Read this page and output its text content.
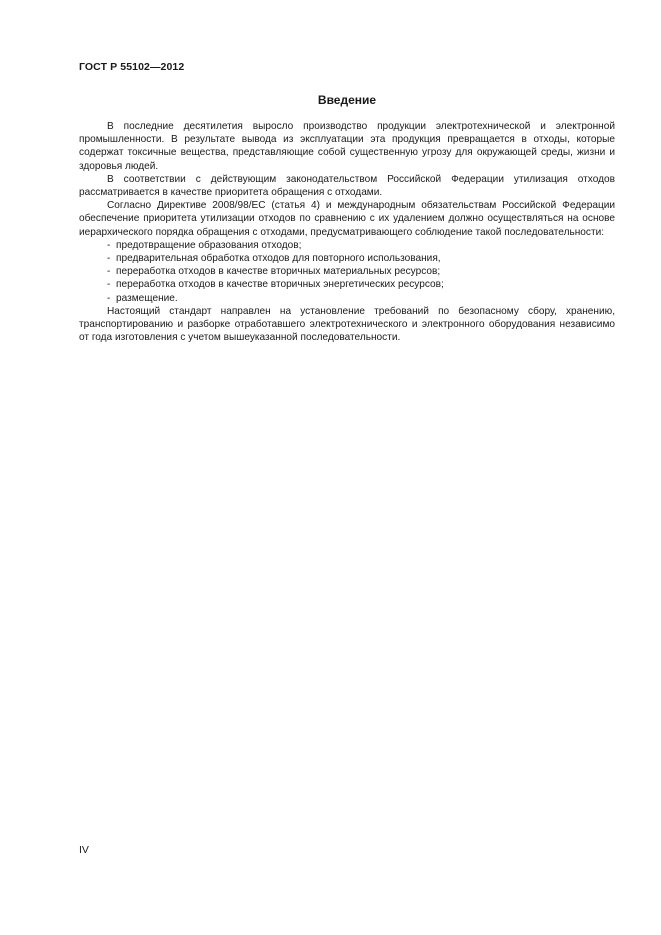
ГОСТ Р 55102—2012
Введение

В последние десятилетия выросло производство продукции электротехнической и электронной промышленности. В результате вывода из эксплуатации эта продукция превращается в отходы, которые содержат токсичные вещества, представляющие собой существенную угрозу для окружающей среды, жизни и здоровья людей.

В соответствии с действующим законодательством Российской Федерации утилизация отходов рассматривается в качестве приоритета обращения с отходами.

Согласно Директиве 2008/98/EC (статья 4) и международным обязательствам Российской Федерации обеспечение приоритета утилизации отходов по сравнению с их удалением должно осуществляться на основе иерархического порядка обращения с отходами, предусматривающего соблюдение такой последовательности:

- предотвращение образования отходов;
- предварительная обработка отходов для повторного использования,
- переработка отходов в качестве вторичных материальных ресурсов;
- переработка отходов в качестве вторичных энергетических ресурсов;
- размещение.

Настоящий стандарт направлен на установление требований по безопасному сбору, хранению, транспортированию и разборке отработавшего электротехнического и электронного оборудования независимо от года изготовления с учетом вышеуказанной последовательности.

IV
